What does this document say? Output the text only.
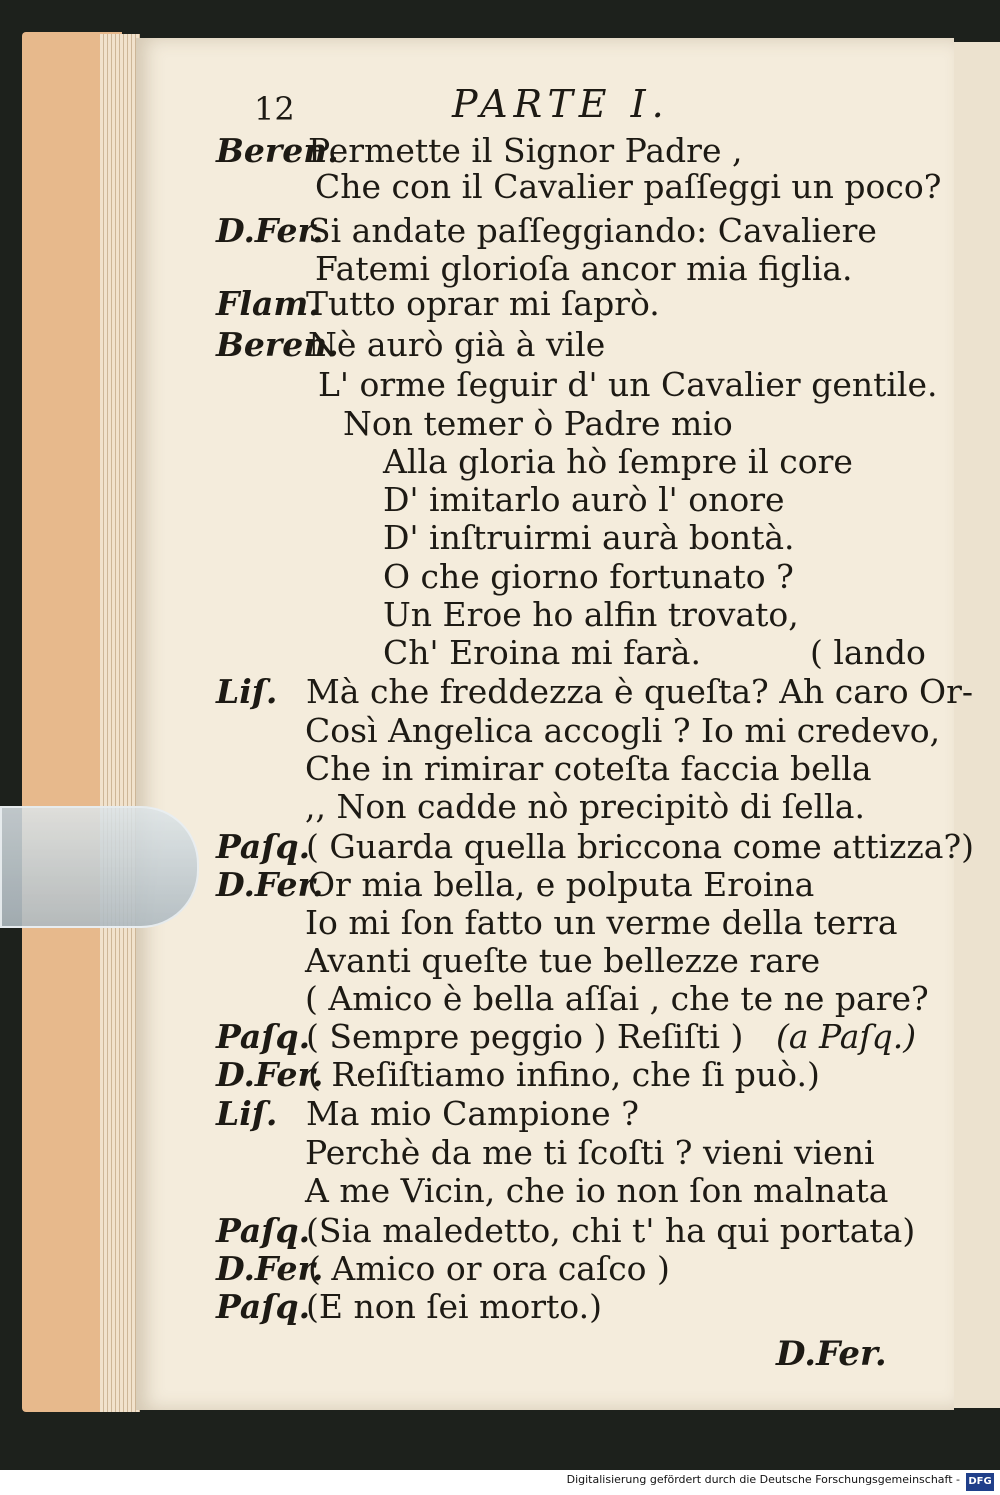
12	PARTE I.
Beren.
Permette il Signor Padre ,
Che con il Cavalier paſſeggi un poco?
D.Fer.
Si andate paſſeggiando: Cavaliere
Fatemi glorioſa ancor mia figlia.
Flam.
Tutto oprar mi ſaprò.
Beren.
Nè aurò già à vile
L' orme ſeguir d' un Cavalier gentile.
Non temer ò Padre mio
Alla gloria hò ſempre il core
D' imitarlo aurò l' onore
D' inſtruirmi aurà bontà.
O che giorno fortunato ?
Un Eroe ho alfin trovato,
Ch' Eroina mi farà.	( lando
Liſ. Mà che freddezza è queſta? Ah caro Or-
Così Angelica accogli ? Io mi credevo,
Che in rimirar coteſta faccia bella
,, Non cadde nò precipitò di ſella.
Paſq.
( Guarda quella briccona come attizza?)
D.Fer.
Or mia bella, e polputa Eroina
Io mi ſon fatto un verme della terra
Avanti queſte tue bellezze rare
( Amico è bella aſſai , che te ne pare?
Paſq.
( Sempre peggio ) Reſiſti ) (a Paſq.)
D.Fer.
( Reſiſtiamo infino, che ſi può.)
Liſ. Ma mio Campione ?
Perchè da me ti ſcoſti ? vieni vieni
A me Vicin, che io non ſon malnata
Paſq.
(Sia maledetto, chi t' ha qui portata)
D.Fer.
( Amico or ora caſco )
Paſq.
(E non ſei morto.)
D.Fer.
Digitalisierung gefördert durch die Deutsche Forschungsgemeinschaft - DFG
